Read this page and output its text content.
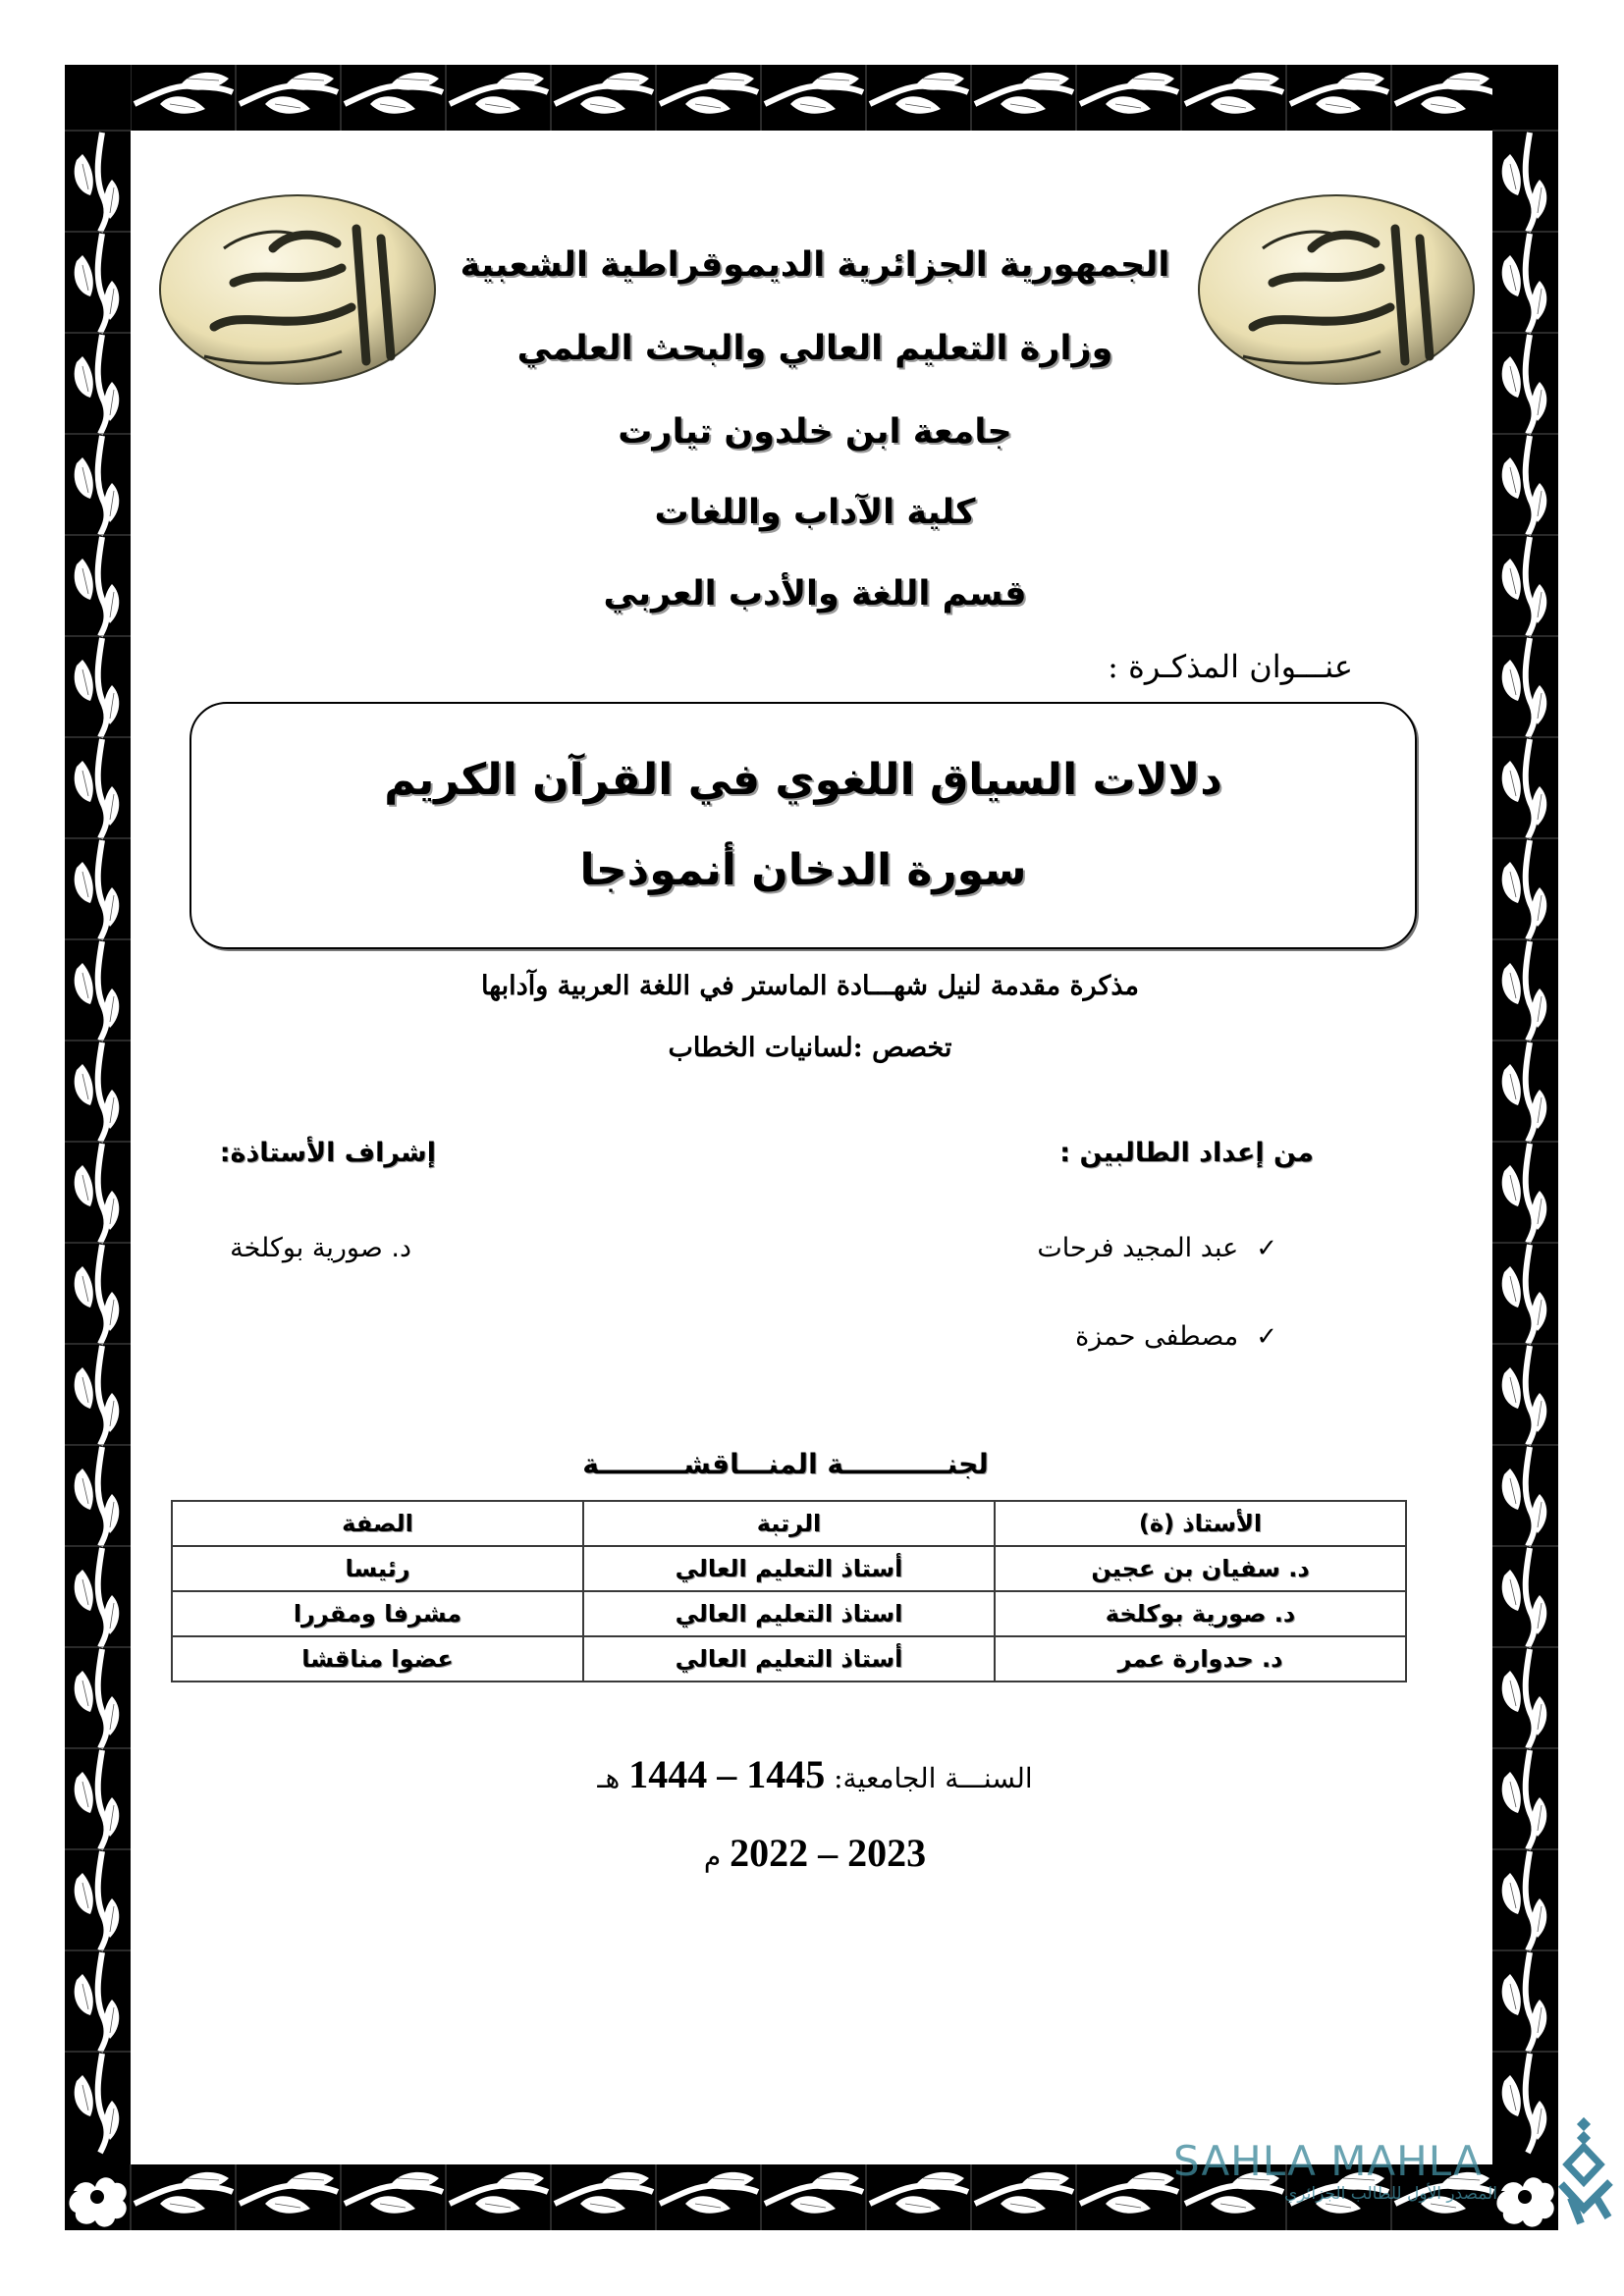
الجمهورية الجزائرية الديموقراطية الشعبية
وزارة التعليم العالي والبحث العلمي
جامعة ابن خلدون تيارت
كلية الآداب واللغات
قسم اللغة والأدب العربي
عنـــوان المذكـرة :
دلالات السياق اللغوي في القرآن الكريم
سورة الدخان أنموذجا
مذكرة مقدمة لنيل شهـــادة الماستر في اللغة العربية وآدابها
تخصص :لسانيات الخطاب
من إعداد الطالبين :
إشراف الأستاذة:
✓عبد المجيد فرحات
✓مصطفى حمزة
د. صورية بوكلخة
لجنـــــــــــة المنـــاقشـــــــــة
الأستاذ (ة)	الرتبة	الصفة
د. سفيان بن عجين	أستاذ التعليم العالي	رئيسا
د. صورية بوكلخة	استاذ التعليم العالي	مشرفا ومقررا
د. حدوارة عمر	أستاذ التعليم العالي	عضوا مناقشا
السنـــة الجامعية: 1444 – 1445 هـ
2022 – 2023 م
SAHLA MAHLA
المصدر الأول للطالب الجزائري
